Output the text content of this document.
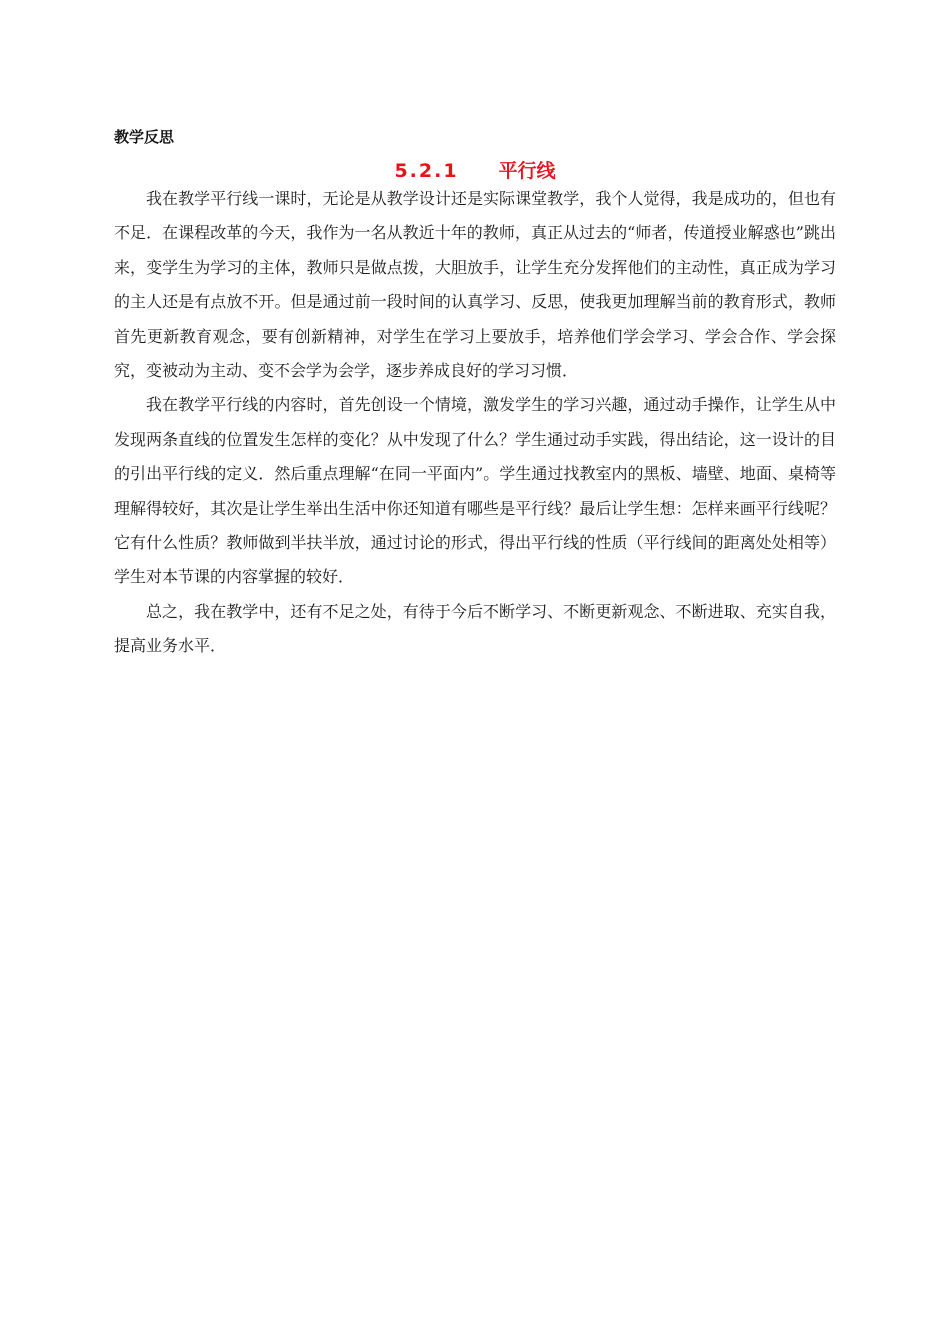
教学反思
5.2.1 平行线

我在教学平行线一课时，无论是从教学设计还是实际课堂教学，我个人觉得，我是成功的，但也有不足．在课程改革的今天，我作为一名从教近十年的教师，真正从过去的“师者，传道授业解惑也”跳出来，变学生为学习的主体，教师只是做点拨，大胆放手，让学生充分发挥他们的主动性，真正成为学习的主人还是有点放不开。但是通过前一段时间的认真学习、反思，使我更加理解当前的教育形式，教师首先更新教育观念，要有创新精神，对学生在学习上要放手，培养他们学会学习、学会合作、学会探究，变被动为主动、变不会学为会学，逐步养成良好的学习习惯．

我在教学平行线的内容时，首先创设一个情境，激发学生的学习兴趣，通过动手操作，让学生从中发现两条直线的位置发生怎样的变化？从中发现了什么？学生通过动手实践，得出结论，这一设计的目的引出平行线的定义．然后重点理解“在同一平面内”。学生通过找教室内的黑板、墙壁、地面、桌椅等理解得较好，其次是让学生举出生活中你还知道有哪些是平行线？最后让学生想：怎样来画平行线呢？它有什么性质？教师做到半扶半放，通过讨论的形式，得出平行线的性质（平行线间的距离处处相等）学生对本节课的内容掌握的较好．

总之，我在教学中，还有不足之处，有待于今后不断学习、不断更新观念、不断进取、充实自我，提高业务水平．
